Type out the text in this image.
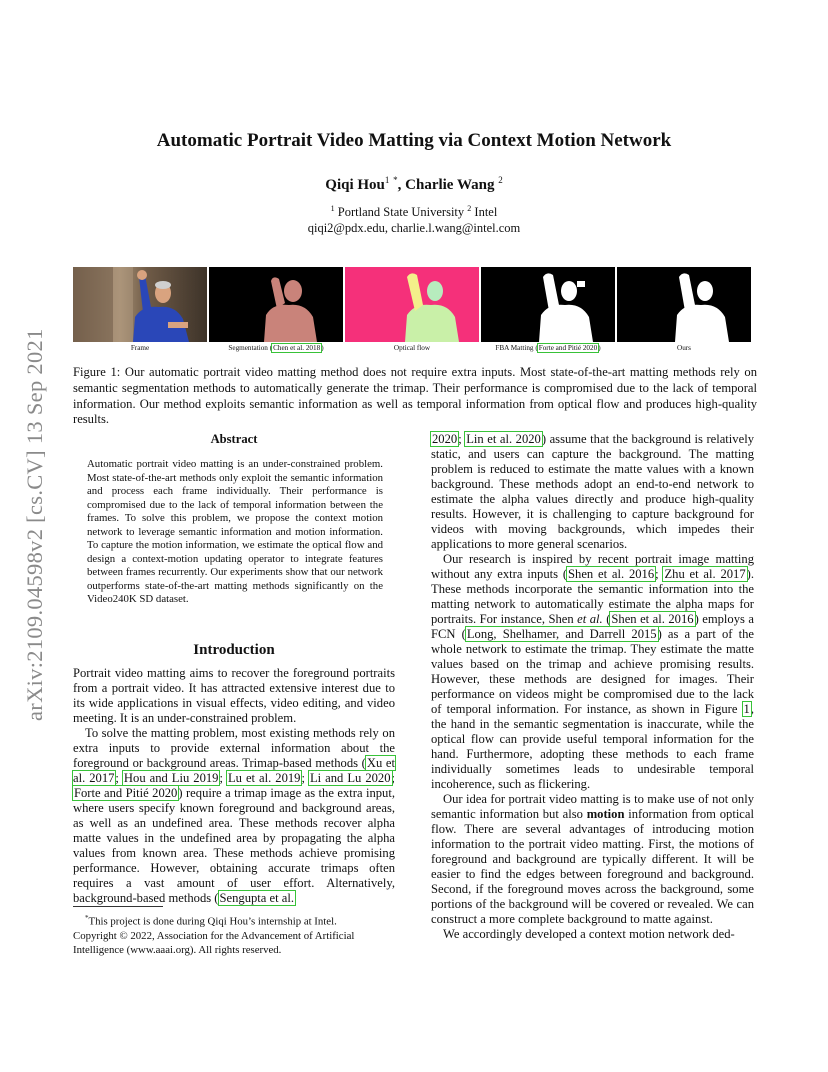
arXiv:2109.04598v2 [cs.CV] 13 Sep 2021
Automatic Portrait Video Matting via Context Motion Network
Qiqi Hou$^1$ *, Charlie Wang $^2$
$^1$ Portland State University $^2$ Intel
qiqi2@pdx.edu, charlie.l.wang@intel.com
Frame	Segmentation (Chen et al. 2018)	Optical flow	FBA Matting (Forte and Pitié 2020)	Ours
Figure 1: Our automatic portrait video matting method does not require extra inputs. Most state-of-the-art matting methods rely on semantic segmentation methods to automatically generate the trimap. Their performance is compromised due to the lack of temporal information. Our method exploits semantic information as well as temporal information from optical flow and produces high-quality results.
Abstract
Automatic portrait video matting is an under-constrained problem. Most state-of-the-art methods only exploit the semantic information and process each frame individually. Their performance is compromised due to the lack of temporal information between the frames. To solve this problem, we propose the context motion network to leverage semantic information and motion information. To capture the motion information, we estimate the optical flow and design a context-motion updating operator to integrate features between frames recurrently. Our experiments show that our network outperforms state-of-the-art matting methods significantly on the Video240K SD dataset.
Introduction

Portrait video matting aims to recover the foreground portraits from a portrait video. It has attracted extensive interest due to its wide applications in visual effects, video editing, and video meeting. It is an under-constrained problem.

To solve the matting problem, most existing methods rely on extra inputs to provide external information about the foreground or background areas. Trimap-based methods (Xu et al. 2017; Hou and Liu 2019; Lu et al. 2019; Li and Lu 2020; Forte and Pitié 2020) require a trimap image as the extra input, where users specify known foreground and background areas, as well as an undefined area. These methods recover alpha matte values in the undefined area by propagating the alpha values from known area. These methods achieve promising performance. However, obtaining accurate trimaps often requires a vast amount of user effort. Alternatively, background-based methods (Sengupta et al.

*This project is done during Qiqi Hou’s internship at Intel.
Copyright © 2022, Association for the Advancement of Artificial Intelligence (www.aaai.org). All rights reserved.

2020; Lin et al. 2020) assume that the background is relatively static, and users can capture the background. The matting problem is reduced to estimate the matte values with a known background. These methods adopt an end-to-end network to estimate the alpha values directly and produce high-quality results. However, it is challenging to capture background for videos with moving backgrounds, which impedes their applications to more general scenarios.

Our research is inspired by recent portrait image matting without any extra inputs (Shen et al. 2016; Zhu et al. 2017). These methods incorporate the semantic information into the matting network to automatically estimate the alpha maps for portraits. For instance, Shen et al. (Shen et al. 2016) employs a FCN (Long, Shelhamer, and Darrell 2015) as a part of the whole network to estimate the trimap. They estimate the matte values based on the trimap and achieve promising results. However, these methods are designed for images. Their performance on videos might be compromised due to the lack of temporal information. For instance, as shown in Figure 1, the hand in the semantic segmentation is inaccurate, while the optical flow can provide useful temporal information for the hand. Furthermore, adopting these methods to each frame individually sometimes leads to undesirable temporal incoherence, such as flickering.

Our idea for portrait video matting is to make use of not only semantic information but also motion information from optical flow. There are several advantages of introducing motion information to the portrait video matting. First, the motions of foreground and background are typically different. It will be easier to find the edges between foreground and background. Second, if the foreground moves across the background, some portions of the background will be covered or revealed. We can construct a more complete background to matte against.

We accordingly developed a context motion network ded-
